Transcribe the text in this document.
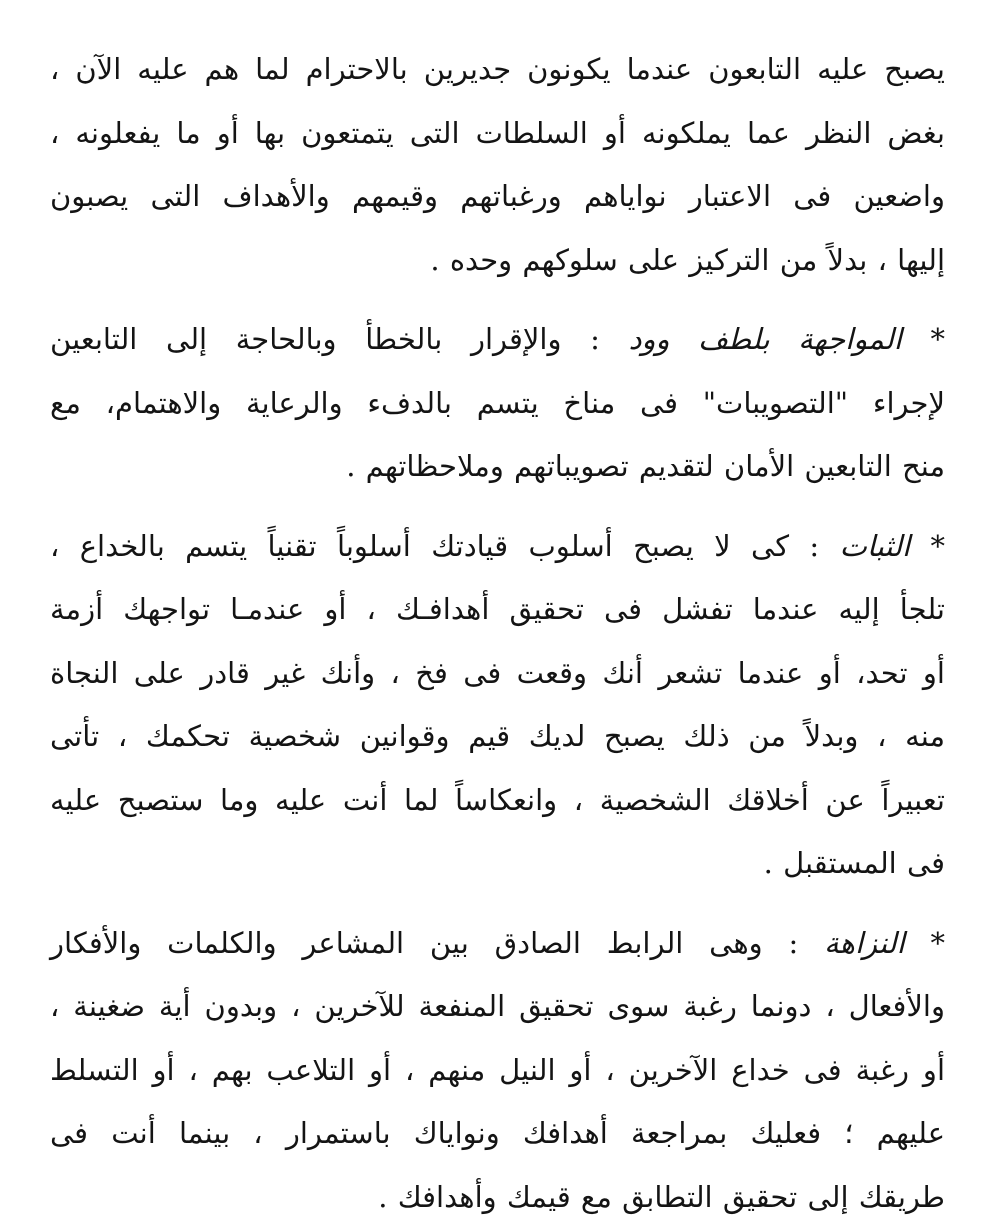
يصبح عليه التابعون عندما يكونون جديرين بالاحترام لما هم عليه الآن ،
بغض النظر عما يملكونه أو السلطات التى يتمتعون بها أو ما يفعلونه ،
واضعين فى الاعتبار نواياهم ورغباتهم وقيمهم والأهداف التى يصبون
إليها ، بدلاً من التركيز على سلوكهم وحده .
* المواجهة بلطف وود : والإقرار بالخطأ وبالحاجة إلى التابعين
لإجراء "التصويبات" فى مناخ يتسم بالدفء والرعاية والاهتمام، مع
منح التابعين الأمان لتقديم تصويباتهم وملاحظاتهم .
* الثبات : كى لا يصبح أسلوب قيادتك أسلوباً تقنياً يتسم بالخداع ،
تلجأ إليه عندما تفشل فى تحقيق أهدافـك ، أو عندمـا تواجهك أزمة
أو تحد، أو عندما تشعر أنك وقعت فى فخ ، وأنك غير قادر على النجاة
منه ، وبدلاً من ذلك يصبح لديك قيم وقوانين شخصية تحكمك ، تأتى
تعبيراً عن أخلاقك الشخصية ، وانعكاساً لما أنت عليه وما ستصبح عليه
فى المستقبل .
* النزاهة : وهى الرابط الصادق بين المشاعر والكلمات والأفكار
والأفعال ، دونما رغبة سوى تحقيق المنفعة للآخرين ، وبدون أية ضغينة ،
أو رغبة فى خداع الآخرين ، أو النيل منهم ، أو التلاعب بهم ، أو التسلط
عليهم ؛ فعليك بمراجعة أهدافك ونواياك باستمرار ، بينما أنت فى
طريقك إلى تحقيق التطابق مع قيمك وأهدافك .
